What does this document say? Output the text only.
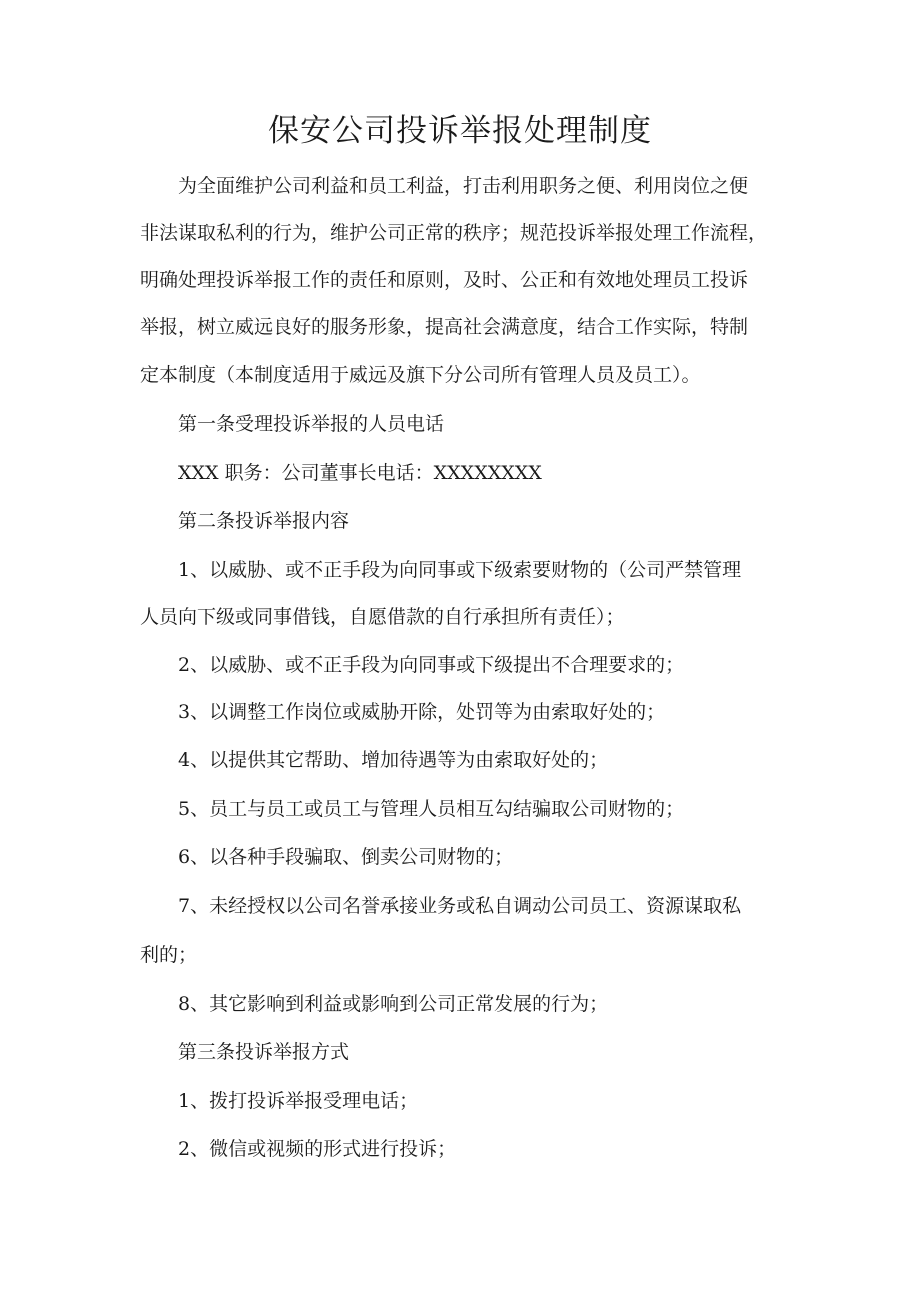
保安公司投诉举报处理制度
为全面维护公司利益和员工利益，打击利用职务之便、利用岗位之便
非法谋取私利的行为，维护公司正常的秩序；规范投诉举报处理工作流程，
明确处理投诉举报工作的责任和原则，及时、公正和有效地处理员工投诉
举报，树立威远良好的服务形象，提高社会满意度，结合工作实际，特制
定本制度（本制度适用于威远及旗下分公司所有管理人员及员工）。
第一条受理投诉举报的人员电话
XXX 职务：公司董事长电话：XXXXXXXX
第二条投诉举报内容
1、以威胁、或不正手段为向同事或下级索要财物的（公司严禁管理
人员向下级或同事借钱，自愿借款的自行承担所有责任）；
2、以威胁、或不正手段为向同事或下级提出不合理要求的；
3、以调整工作岗位或威胁开除，处罚等为由索取好处的；
4、以提供其它帮助、增加待遇等为由索取好处的；
5、员工与员工或员工与管理人员相互勾结骗取公司财物的；
6、以各种手段骗取、倒卖公司财物的；
7、未经授权以公司名誉承接业务或私自调动公司员工、资源谋取私
利的；
8、其它影响到利益或影响到公司正常发展的行为；
第三条投诉举报方式
1、拨打投诉举报受理电话；
2、微信或视频的形式进行投诉；
